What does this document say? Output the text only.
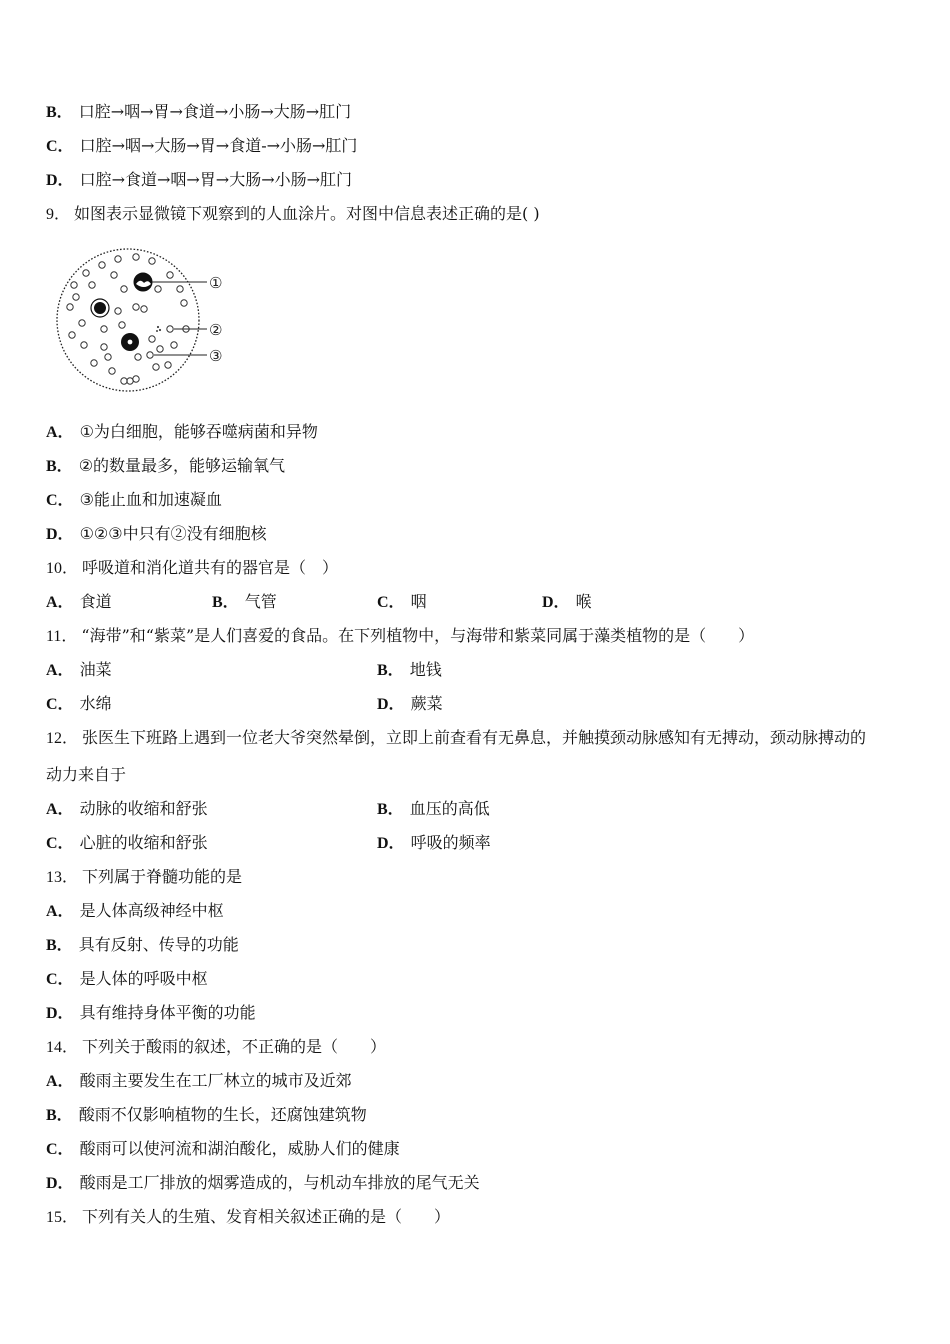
B． 口腔→咽→胃→食道→小肠→大肠→肛门
C． 口腔→咽→大肠→胃→食道-→小肠→肛门
D． 口腔→食道→咽→胃→大肠→小肠→肛门
9． 如图表示显微镜下观察到的人血涂片。对图中信息表述正确的是( )
①
②
③
A． ①为白细胞，能够吞噬病菌和异物
B． ②的数量最多，能够运输氧气
C． ③能止血和加速凝血
D． ①②③中只有②没有细胞核
10． 呼吸道和消化道共有的器官是（　）
A． 食道	B． 气管	C． 咽	D． 喉
11． “海带”和“紫菜”是人们喜爱的食品。在下列植物中，与海带和紫菜同属于藻类植物的是（　　）
A． 油菜	B． 地钱
C． 水绵	D． 蕨菜
12． 张医生下班路上遇到一位老大爷突然晕倒，立即上前查看有无鼻息，并触摸颈动脉感知有无搏动，颈动脉搏动的
动力来自于
A． 动脉的收缩和舒张	B． 血压的高低
C． 心脏的收缩和舒张	D． 呼吸的频率
13． 下列属于脊髓功能的是
A． 是人体高级神经中枢
B． 具有反射、传导的功能
C． 是人体的呼吸中枢
D． 具有维持身体平衡的功能
14． 下列关于酸雨的叙述，不正确的是（　　）
A． 酸雨主要发生在工厂林立的城市及近郊
B． 酸雨不仅影响植物的生长，还腐蚀建筑物
C． 酸雨可以使河流和湖泊酸化，威胁人们的健康
D． 酸雨是工厂排放的烟雾造成的，与机动车排放的尾气无关
15． 下列有关人的生殖、发育相关叙述正确的是（　　）
